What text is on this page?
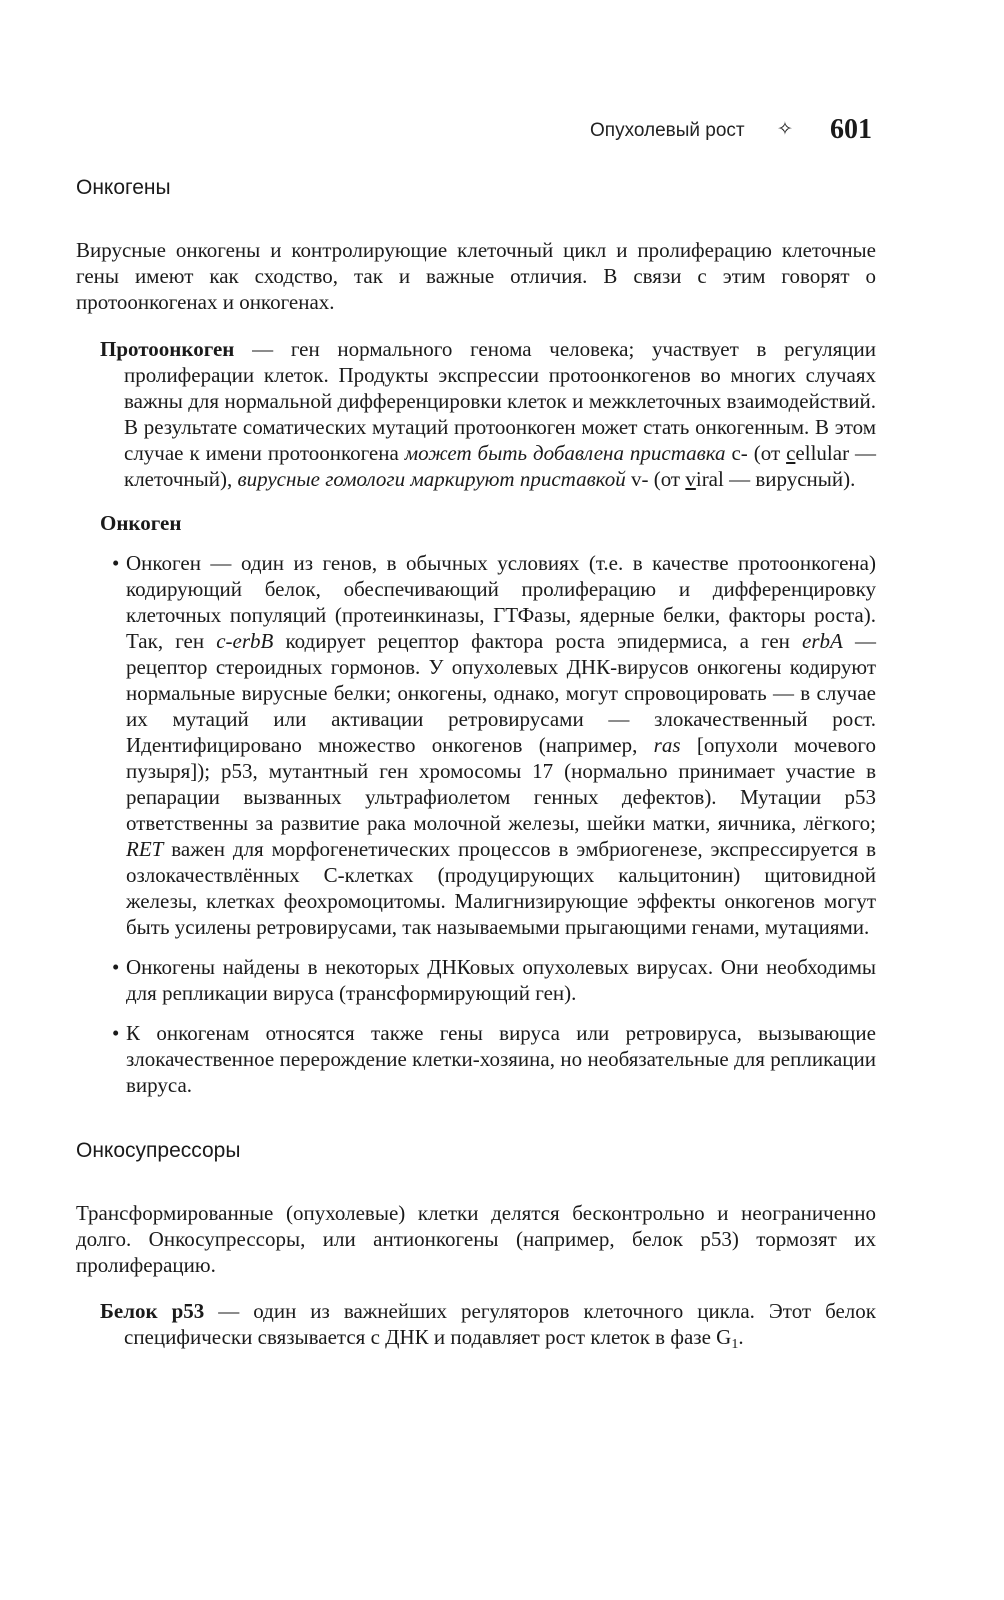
Опухолевый рост ✧ 601
Онкогены

Вирусные онкогены и контролирующие клеточный цикл и пролиферацию клеточные гены имеют как сходство, так и важные отличия. В связи с этим говорят о протоонкогенах и онкогенах.

Протоонкоген — ген нормального генома человека; участвует в регуляции пролиферации клеток. Продукты экспрессии протоонкогенов во многих случаях важны для нормальной дифференцировки клеток и межклеточных взаимодействий. В результате соматических мутаций протоонкоген может стать онкогенным. В этом случае к имени протоонкогена может быть добавлена приставка c- (от cellular — клеточный), вирусные гомологи маркируют приставкой v- (от viral — вирусный).

Онкоген

• Онкоген — один из генов, в обычных условиях (т.е. в качестве протоонкогена) кодирующий белок, обеспечивающий пролиферацию и дифференцировку клеточных популяций (протеинкиназы, ГТФазы, ядерные белки, факторы роста). Так, ген c-erbB кодирует рецептор фактора роста эпидермиса, а ген erbA — рецептор стероидных гормонов. У опухолевых ДНК-вирусов онкогены кодируют нормальные вирусные белки; онкогены, однако, могут спровоцировать — в случае их мутаций или активации ретровирусами — злокачественный рост. Идентифицировано множество онкогенов (например, ras [опухоли мочевого пузыря]); p53, мутантный ген хромосомы 17 (нормально принимает участие в репарации вызванных ультрафиолетом генных дефектов). Мутации p53 ответственны за развитие рака молочной железы, шейки матки, яичника, лёгкого; RET важен для морфогенетических процессов в эмбриогенезе, экспрессируется в озлокачествлённых C-клетках (продуцирующих кальцитонин) щитовидной железы, клетках феохромоцитомы. Малигнизирующие эффекты онкогенов могут быть усилены ретровирусами, так называемыми прыгающими генами, мутациями.
• Онкогены найдены в некоторых ДНКовых опухолевых вирусах. Они необходимы для репликации вируса (трансформирующий ген).
• К онкогенам относятся также гены вируса или ретровируса, вызывающие злокачественное перерождение клетки-хозяина, но необязательные для репликации вируса.
Онкосупрессоры

Трансформированные (опухолевые) клетки делятся бесконтрольно и неограниченно долго. Онкосупрессоры, или антионкогены (например, белок p53) тормозят их пролиферацию.

Белок p53 — один из важнейших регуляторов клеточного цикла. Этот белок специфически связывается с ДНК и подавляет рост клеток в фазе $G_1$.
